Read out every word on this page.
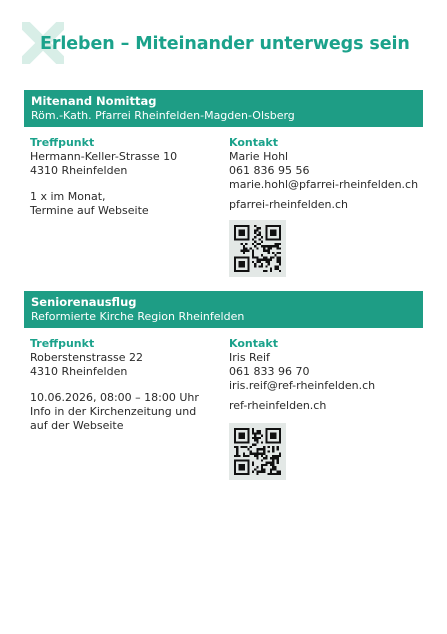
Erleben – Miteinander unterwegs sein
Mitenand Nomittag
Röm.-Kath. Pfarrei Rheinfelden-Magden-Olsberg
Treffpunkt
Hermann-Keller-Strasse 10
4310 Rheinfelden
1 x im Monat,
Termine auf Webseite
Kontakt
Marie Hohl
061 836 95 56
marie.hohl@pfarrei-rheinfelden.ch
pfarrei-rheinfelden.ch
Seniorenausflug
Reformierte Kirche Region Rheinfelden
Treffpunkt
Roberstenstrasse 22
4310 Rheinfelden
10.06.2026, 08:00 – 18:00 Uhr
Info in der Kirchenzeitung und
auf der Webseite
Kontakt
Iris Reif
061 833 96 70
iris.reif@ref-rheinfelden.ch
ref-rheinfelden.ch
